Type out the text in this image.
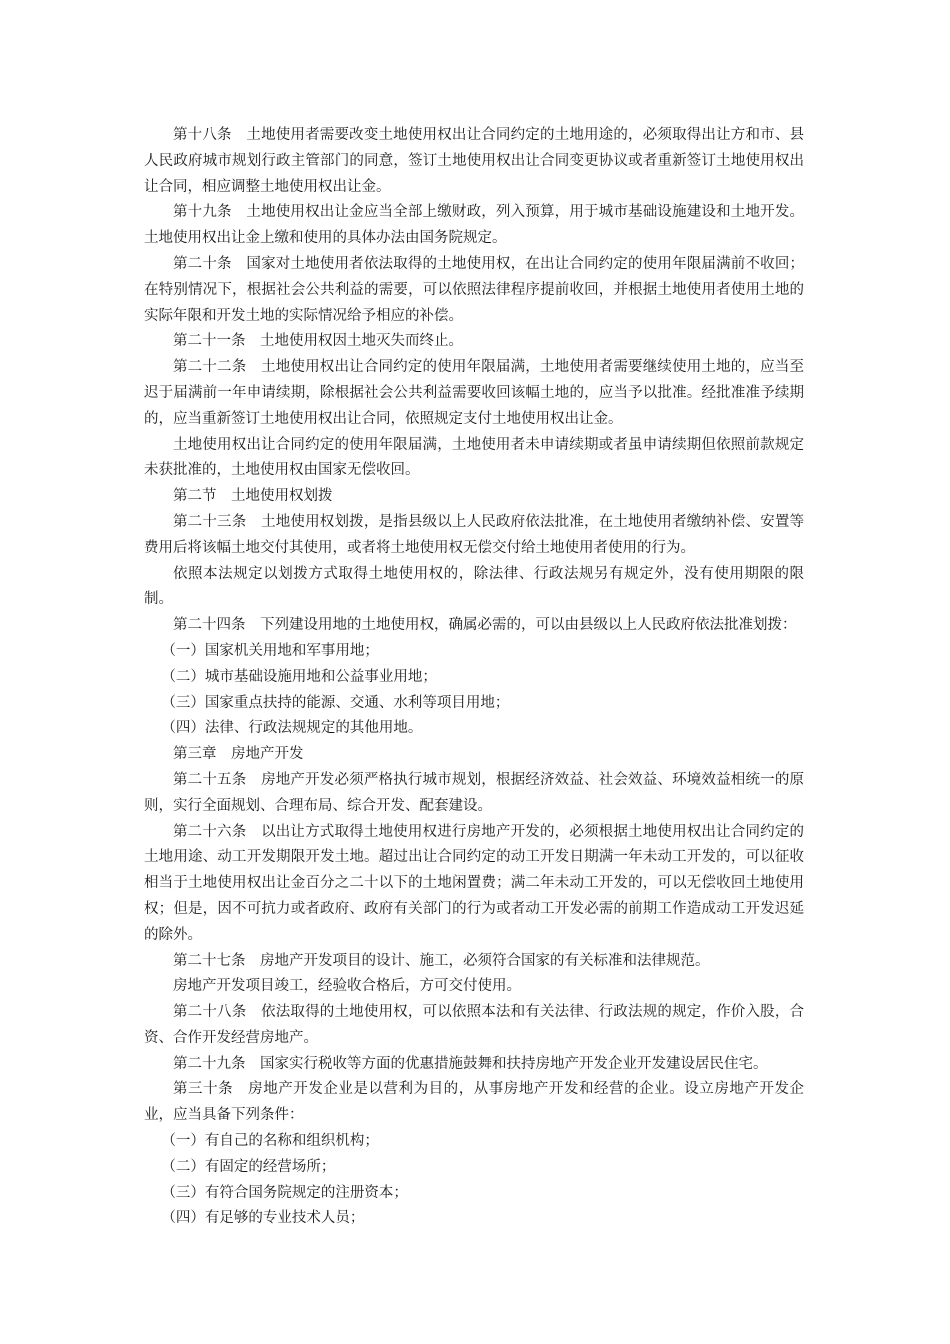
第十八条　土地使用者需要改变土地使用权出让合同约定的土地用途的，必须取得出让方和市、县人民政府城市规划行政主管部门的同意，签订土地使用权出让合同变更协议或者重新签订土地使用权出让合同，相应调整土地使用权出让金。

第十九条　土地使用权出让金应当全部上缴财政，列入预算，用于城市基础设施建设和土地开发。土地使用权出让金上缴和使用的具体办法由国务院规定。

第二十条　国家对土地使用者依法取得的土地使用权，在出让合同约定的使用年限届满前不收回；在特别情况下，根据社会公共利益的需要，可以依照法律程序提前收回，并根据土地使用者使用土地的实际年限和开发土地的实际情况给予相应的补偿。

第二十一条　土地使用权因土地灭失而终止。

第二十二条　土地使用权出让合同约定的使用年限届满，土地使用者需要继续使用土地的，应当至迟于届满前一年申请续期，除根据社会公共利益需要收回该幅土地的，应当予以批准。经批准准予续期的，应当重新签订土地使用权出让合同，依照规定支付土地使用权出让金。

土地使用权出让合同约定的使用年限届满，土地使用者未申请续期或者虽申请续期但依照前款规定未获批准的，土地使用权由国家无偿收回。

第二节　土地使用权划拨

第二十三条　土地使用权划拨，是指县级以上人民政府依法批准，在土地使用者缴纳补偿、安置等费用后将该幅土地交付其使用，或者将土地使用权无偿交付给土地使用者使用的行为。

依照本法规定以划拨方式取得土地使用权的，除法律、行政法规另有规定外，没有使用期限的限制。

第二十四条　下列建设用地的土地使用权，确属必需的，可以由县级以上人民政府依法批准划拨：

（一）国家机关用地和军事用地；

（二）城市基础设施用地和公益事业用地；

（三）国家重点扶持的能源、交通、水利等项目用地；

（四）法律、行政法规规定的其他用地。

第三章　房地产开发

第二十五条　房地产开发必须严格执行城市规划，根据经济效益、社会效益、环境效益相统一的原则，实行全面规划、合理布局、综合开发、配套建设。

第二十六条　以出让方式取得土地使用权进行房地产开发的，必须根据土地使用权出让合同约定的土地用途、动工开发期限开发土地。超过出让合同约定的动工开发日期满一年未动工开发的，可以征收相当于土地使用权出让金百分之二十以下的土地闲置费；满二年未动工开发的，可以无偿收回土地使用权；但是，因不可抗力或者政府、政府有关部门的行为或者动工开发必需的前期工作造成动工开发迟延的除外。

第二十七条　房地产开发项目的设计、施工，必须符合国家的有关标准和法律规范。

房地产开发项目竣工，经验收合格后，方可交付使用。

第二十八条　依法取得的土地使用权，可以依照本法和有关法律、行政法规的规定，作价入股，合资、合作开发经营房地产。

第二十九条　国家实行税收等方面的优惠措施鼓舞和扶持房地产开发企业开发建设居民住宅。

第三十条　房地产开发企业是以营利为目的，从事房地产开发和经营的企业。设立房地产开发企业，应当具备下列条件：

（一）有自己的名称和组织机构；

（二）有固定的经营场所；

（三）有符合国务院规定的注册资本；

（四）有足够的专业技术人员；
